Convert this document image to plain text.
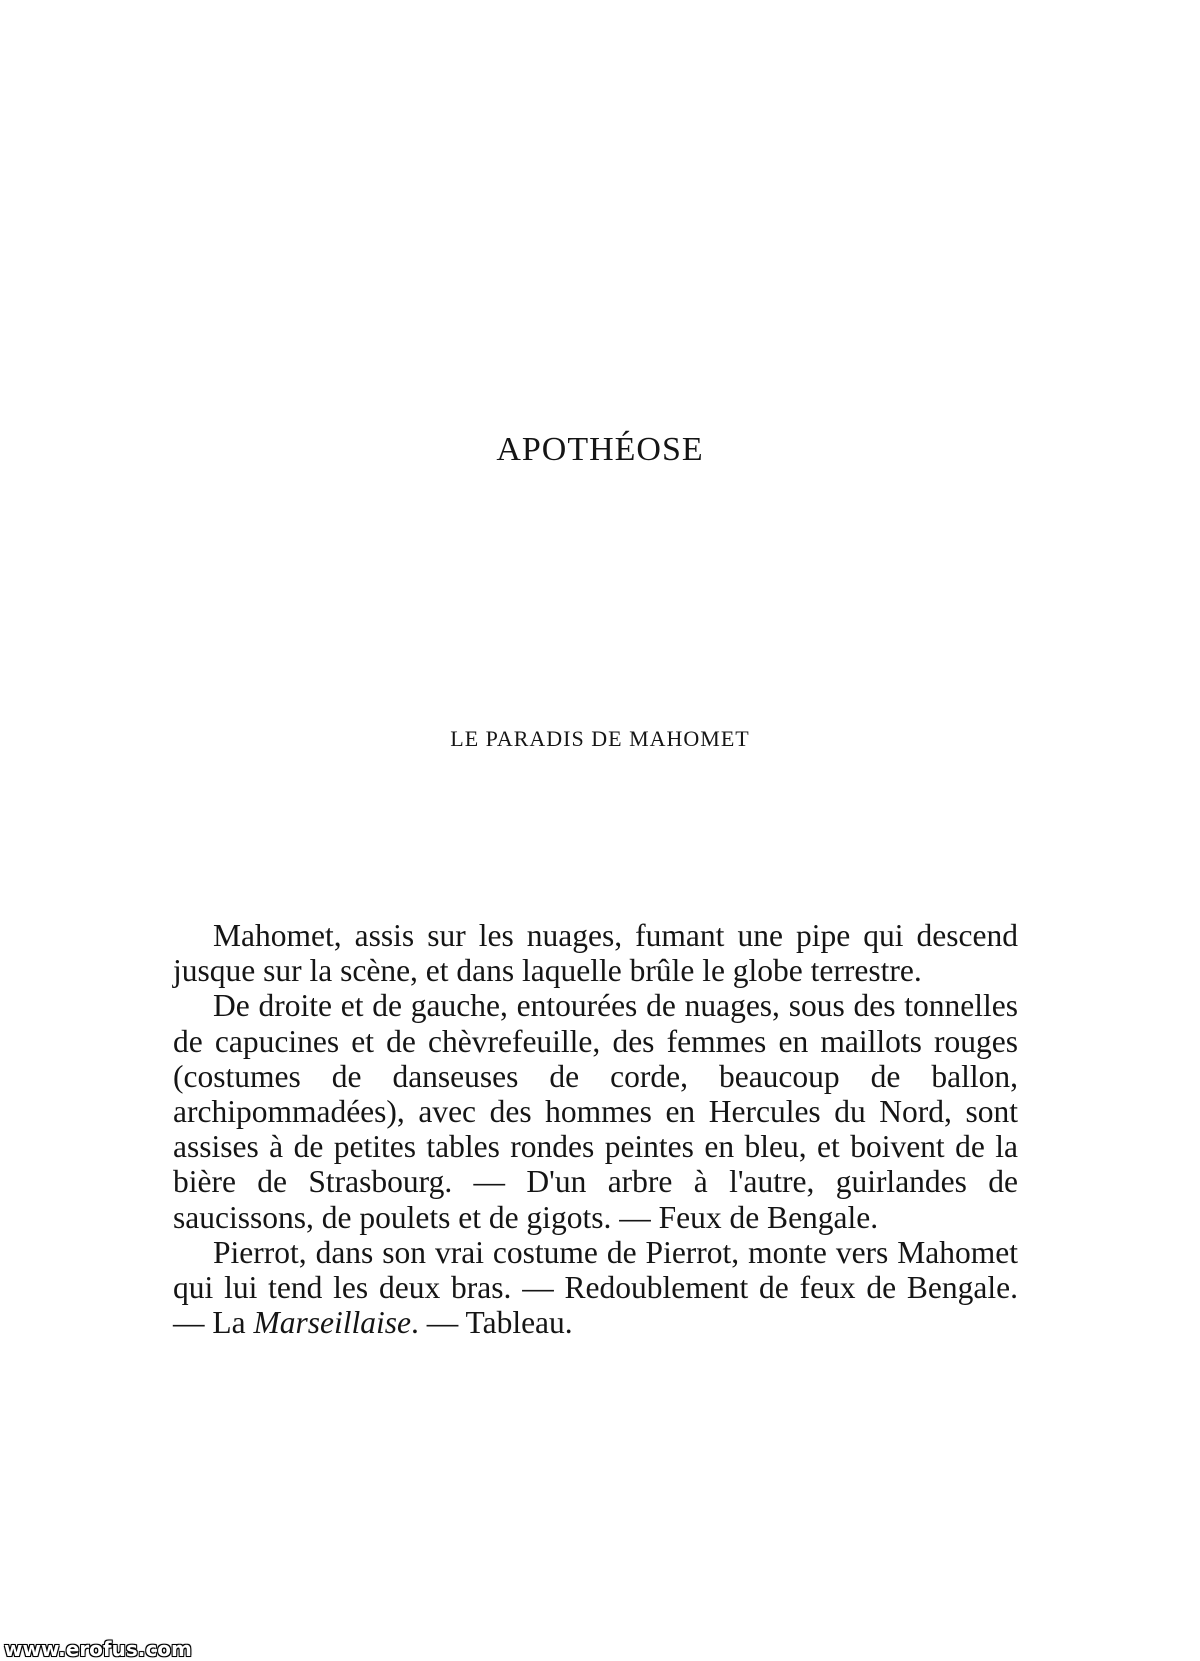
APOTHÉOSE
LE PARADIS DE MAHOMET

Mahomet, assis sur les nuages, fumant une pipe qui descend jusque sur la scène, et dans laquelle brûle le globe terrestre.

De droite et de gauche, entourées de nuages, sous des tonnelles de capucines et de chèvrefeuille, des femmes en maillots rouges (costumes de danseuses de corde, beaucoup de ballon, archipommadées), avec des hommes en Hercules du Nord, sont assises à de petites tables rondes peintes en bleu, et boivent de la bière de Strasbourg. — D'un arbre à l'autre, guirlandes de saucissons, de poulets et de gigots. — Feux de Bengale.

Pierrot, dans son vrai costume de Pierrot, monte vers Mahomet qui lui tend les deux bras. — Redoublement de feux de Bengale. — La Marseillaise. — Tableau.

www.erofus.com
